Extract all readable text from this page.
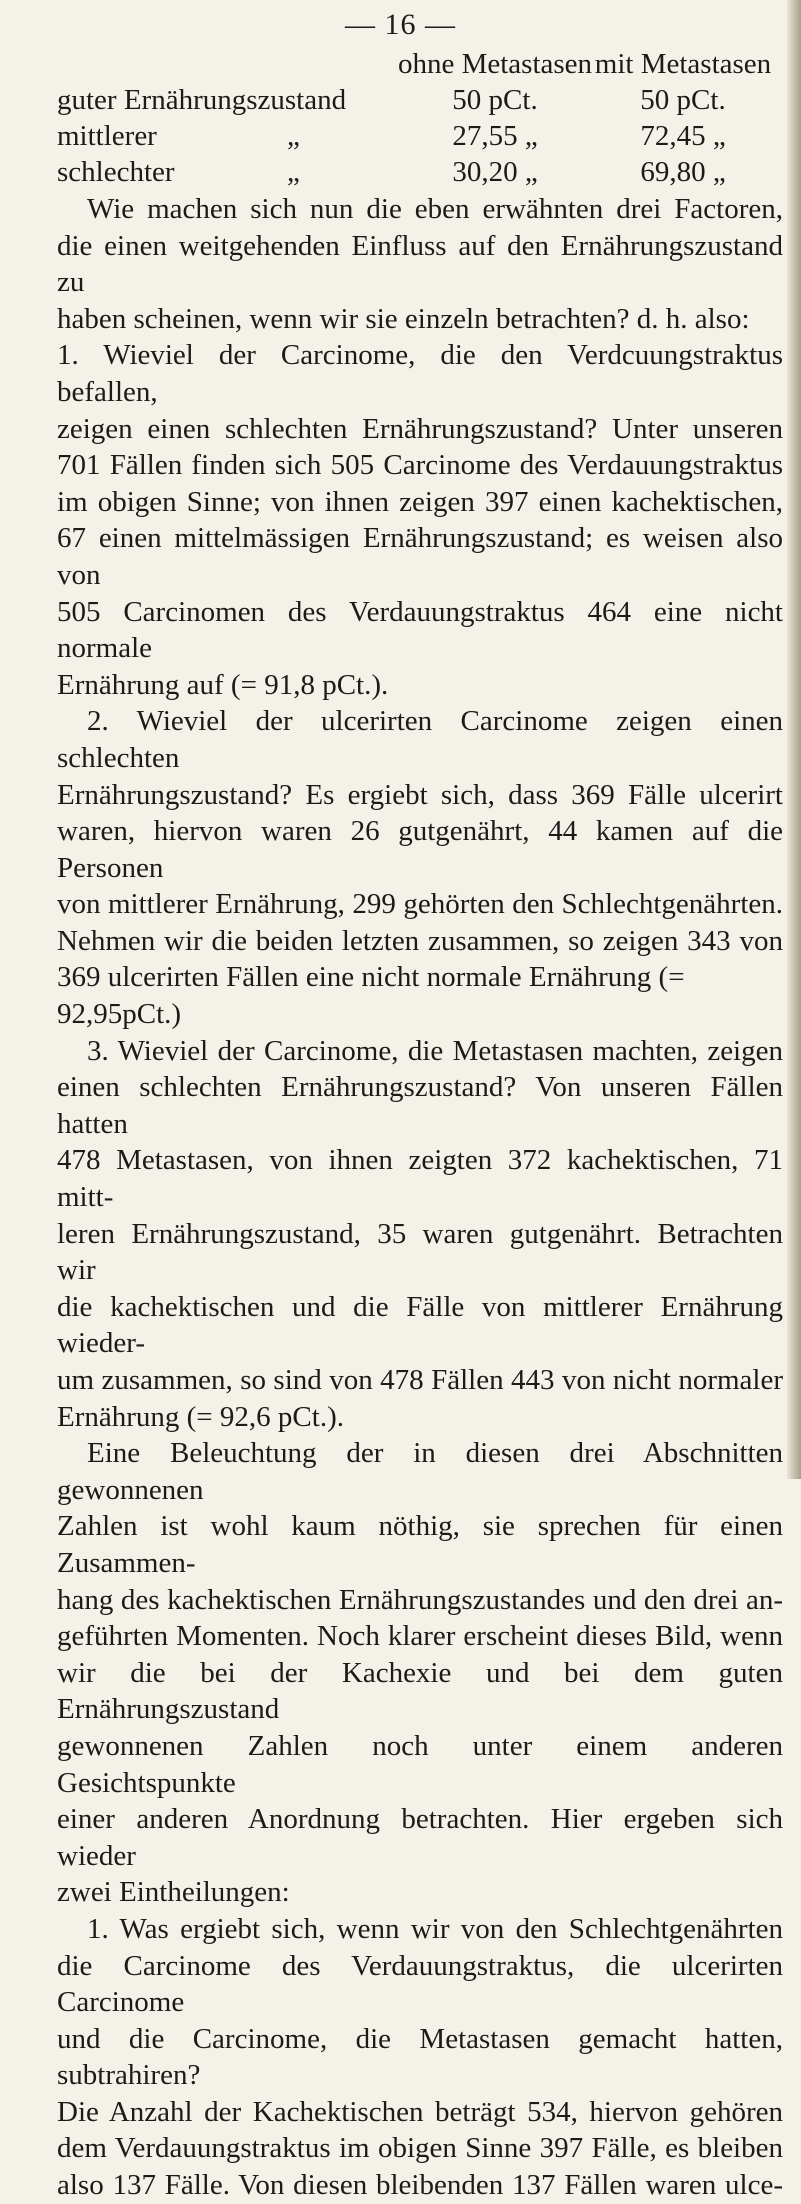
— 16 —
ohne Metastasen mit Metastasen
guter Ernährungszustand	50 pCt.	50 pCt.
mittlerer	„	27,55 „	72,45 „
schlechter	„	30,20 „	69,80 „

Wie machen sich nun die eben erwähnten drei Factoren,
die einen weitgehenden Einfluss auf den Ernährungszustand zu
haben scheinen, wenn wir sie einzeln betrachten? d. h. also:

1. Wieviel der Carcinome, die den Verdcuungstraktus befallen,
zeigen einen schlechten Ernährungszustand? Unter unseren
701 Fällen finden sich 505 Carcinome des Verdauungstraktus
im obigen Sinne; von ihnen zeigen 397 einen kachektischen,
67 einen mittelmässigen Ernährungszustand; es weisen also von
505 Carcinomen des Verdauungstraktus 464 eine nicht normale
Ernährung auf (= 91,8 pCt.).

2. Wieviel der ulcerirten Carcinome zeigen einen schlechten
Ernährungszustand? Es ergiebt sich, dass 369 Fälle ulcerirt
waren, hiervon waren 26 gutgenährt, 44 kamen auf die Personen
von mittlerer Ernährung, 299 gehörten den Schlechtgenährten.
Nehmen wir die beiden letzten zusammen, so zeigen 343 von
369 ulcerirten Fällen eine nicht normale Ernährung (= 92,95pCt.)

3. Wieviel der Carcinome, die Metastasen machten, zeigen
einen schlechten Ernährungszustand? Von unseren Fällen hatten
478 Metastasen, von ihnen zeigten 372 kachektischen, 71 mitt-
leren Ernährungszustand, 35 waren gutgenährt. Betrachten wir
die kachektischen und die Fälle von mittlerer Ernährung wieder-
um zusammen, so sind von 478 Fällen 443 von nicht normaler
Ernährung (= 92,6 pCt.).

Eine Beleuchtung der in diesen drei Abschnitten gewonnenen
Zahlen ist wohl kaum nöthig, sie sprechen für einen Zusammen-
hang des kachektischen Ernährungszustandes und den drei an-
geführten Momenten. Noch klarer erscheint dieses Bild, wenn
wir die bei der Kachexie und bei dem guten Ernährungszustand
gewonnenen Zahlen noch unter einem anderen Gesichtspunkte
einer anderen Anordnung betrachten. Hier ergeben sich wieder
zwei Eintheilungen:

1. Was ergiebt sich, wenn wir von den Schlechtgenährten
die Carcinome des Verdauungstraktus, die ulcerirten Carcinome
und die Carcinome, die Metastasen gemacht hatten, subtrahiren?
Die Anzahl der Kachektischen beträgt 534, hiervon gehören
dem Verdauungstraktus im obigen Sinne 397 Fälle, es bleiben
also 137 Fälle. Von diesen bleibenden 137 Fällen waren ulce-
